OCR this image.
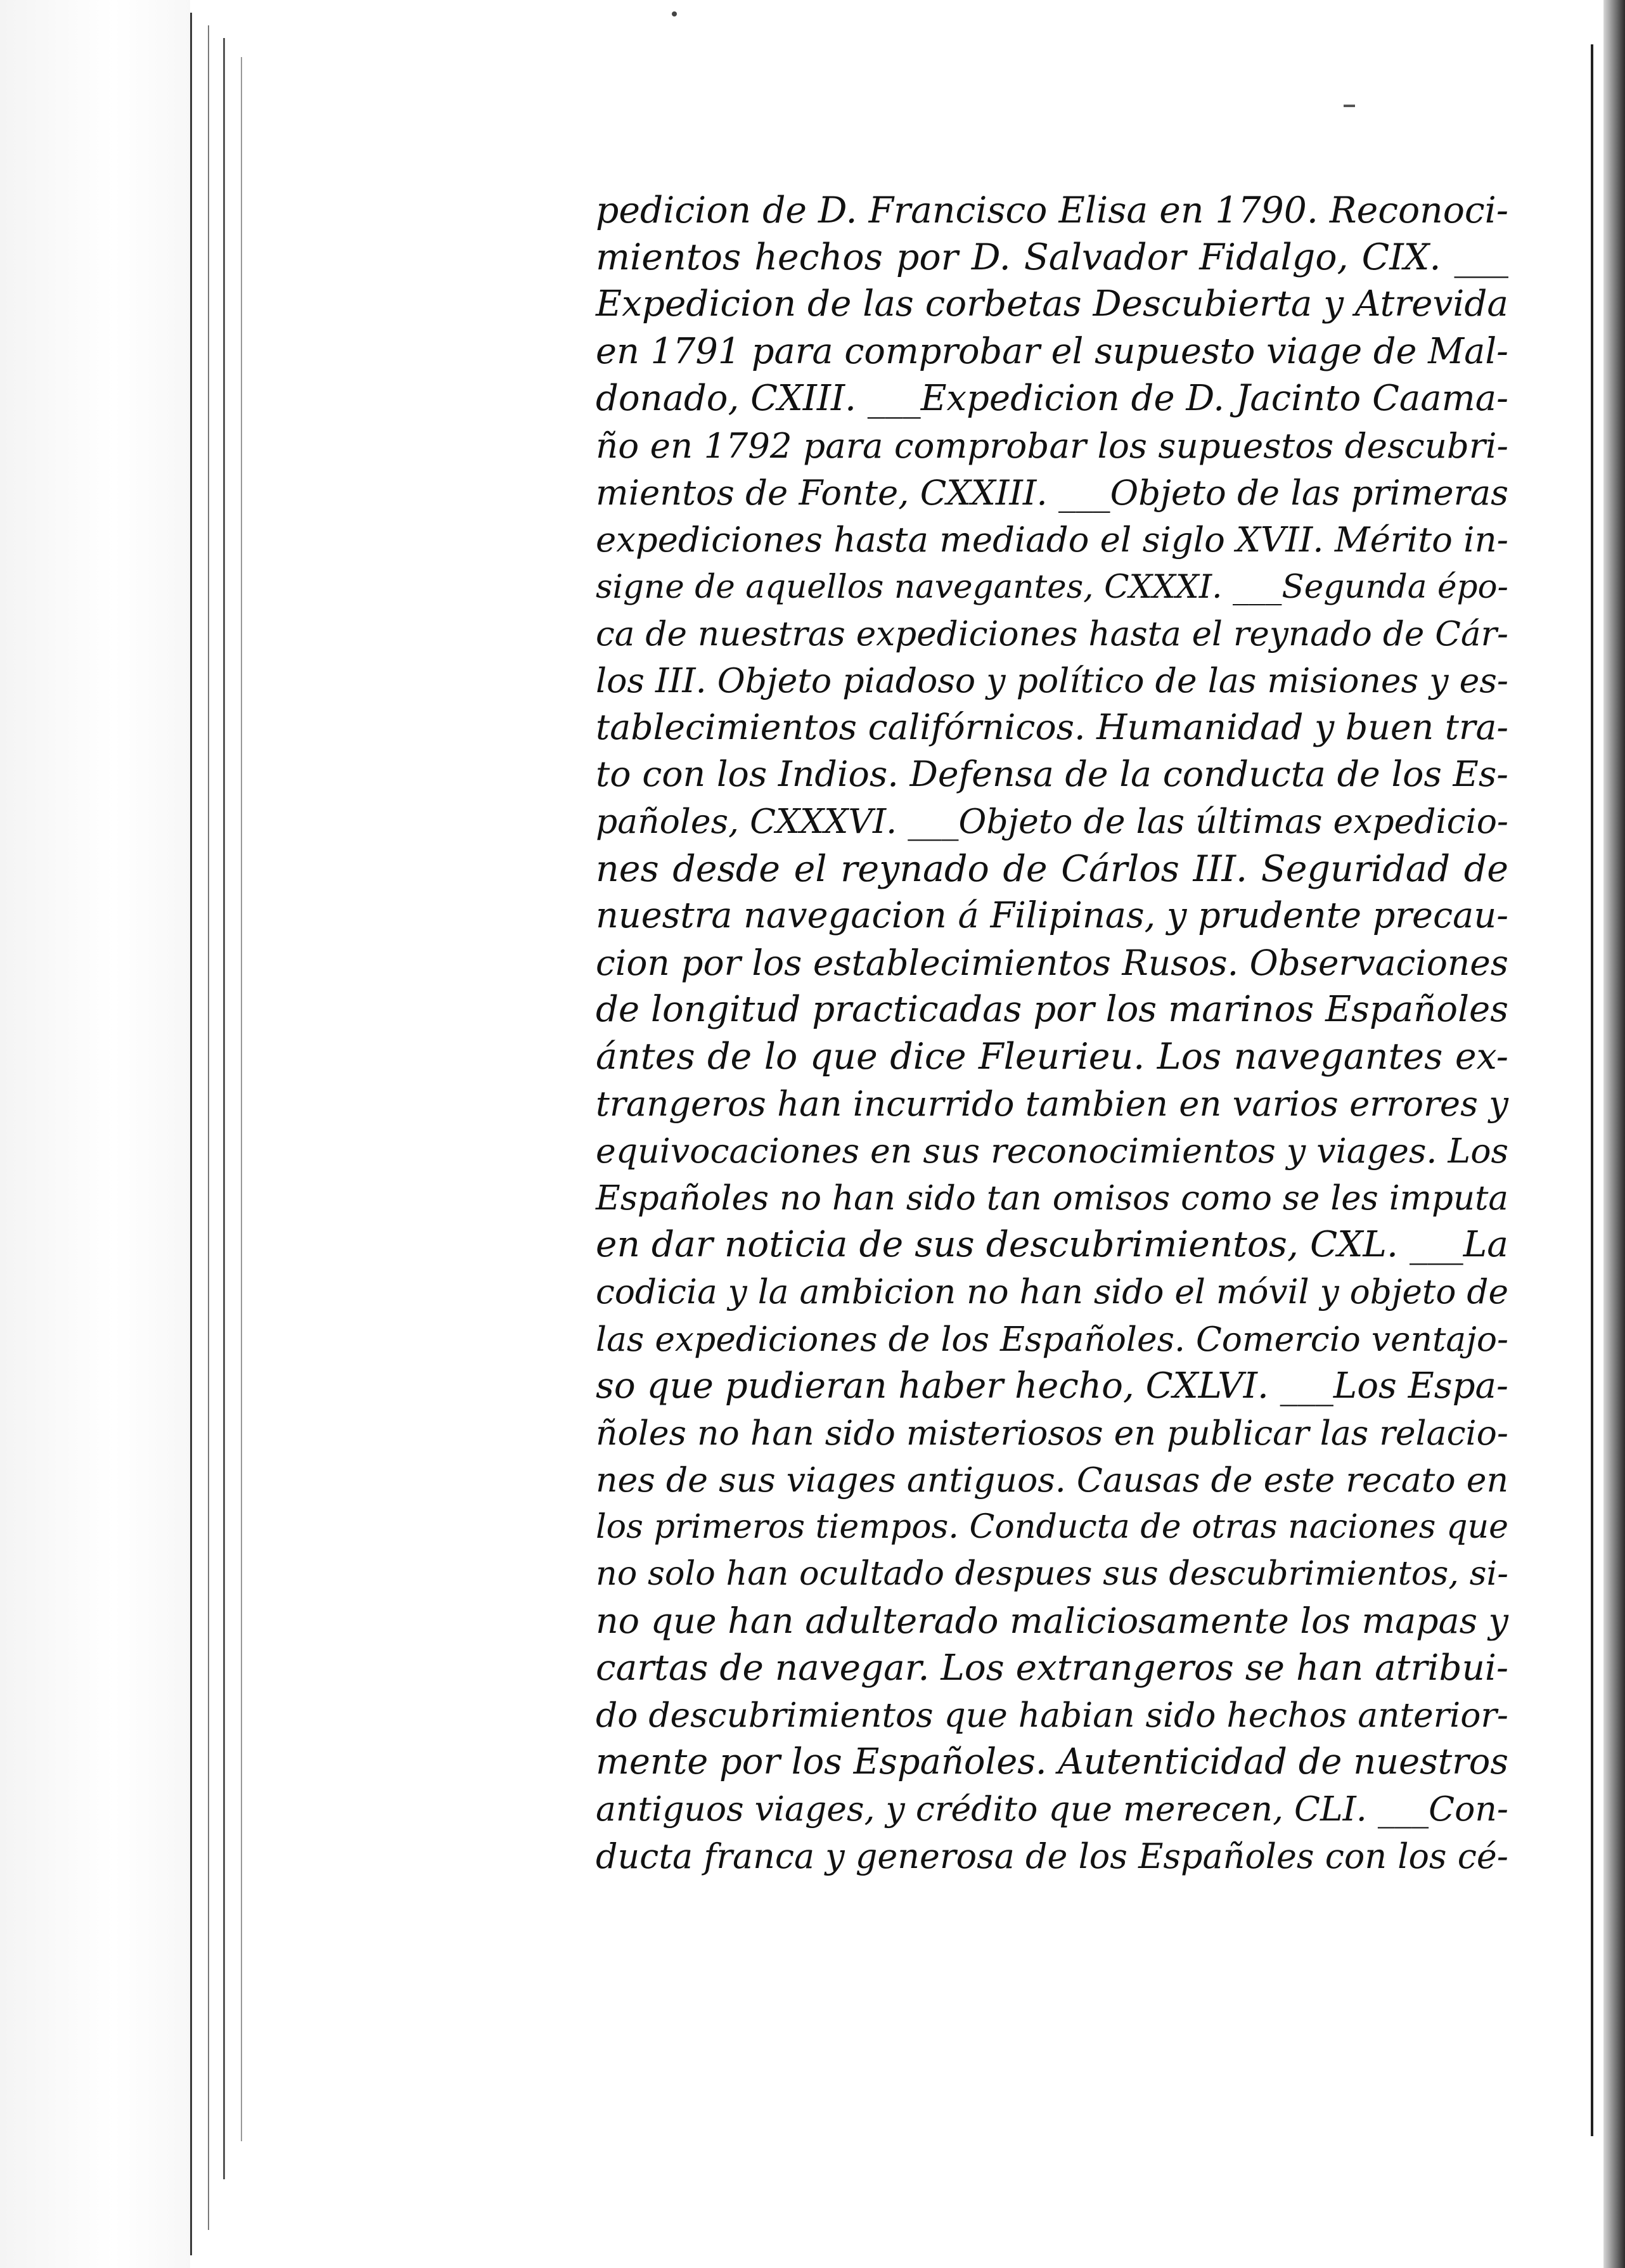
pedicion de D. Francisco Elisa en 1790. Reconoci-
mientos hechos por D. Salvador Fidalgo, CIX. ___
Expedicion de las corbetas Descubierta y Atrevida
en 1791 para comprobar el supuesto viage de Mal-
donado, CXIII. ___Expedicion de D. Jacinto Caama-
ño en 1792 para comprobar los supuestos descubri-
mientos de Fonte, CXXIII. ___Objeto de las primeras
expediciones hasta mediado el siglo XVII. Mérito in-
signe de aquellos navegantes, CXXXI. ___Segunda épo-
ca de nuestras expediciones hasta el reynado de Cár-
los III. Objeto piadoso y político de las misiones y es-
tablecimientos califórnicos. Humanidad y buen tra-
to con los Indios. Defensa de la conducta de los Es-
pañoles, CXXXVI. ___Objeto de las últimas expedicio-
nes desde el reynado de Cárlos III. Seguridad de
nuestra navegacion á Filipinas, y prudente precau-
cion por los establecimientos Rusos. Observaciones
de longitud practicadas por los marinos Españoles
ántes de lo que dice Fleurieu. Los navegantes ex-
trangeros han incurrido tambien en varios errores y
equivocaciones en sus reconocimientos y viages. Los
Españoles no han sido tan omisos como se les imputa
en dar noticia de sus descubrimientos, CXL. ___La
codicia y la ambicion no han sido el móvil y objeto de
las expediciones de los Españoles. Comercio ventajo-
so que pudieran haber hecho, CXLVI. ___Los Espa-
ñoles no han sido misteriosos en publicar las relacio-
nes de sus viages antiguos. Causas de este recato en
los primeros tiempos. Conducta de otras naciones que
no solo han ocultado despues sus descubrimientos, si-
no que han adulterado maliciosamente los mapas y
cartas de navegar. Los extrangeros se han atribui-
do descubrimientos que habian sido hechos anterior-
mente por los Españoles. Autenticidad de nuestros
antiguos viages, y crédito que merecen, CLI. ___Con-
ducta franca y generosa de los Españoles con los cé-
